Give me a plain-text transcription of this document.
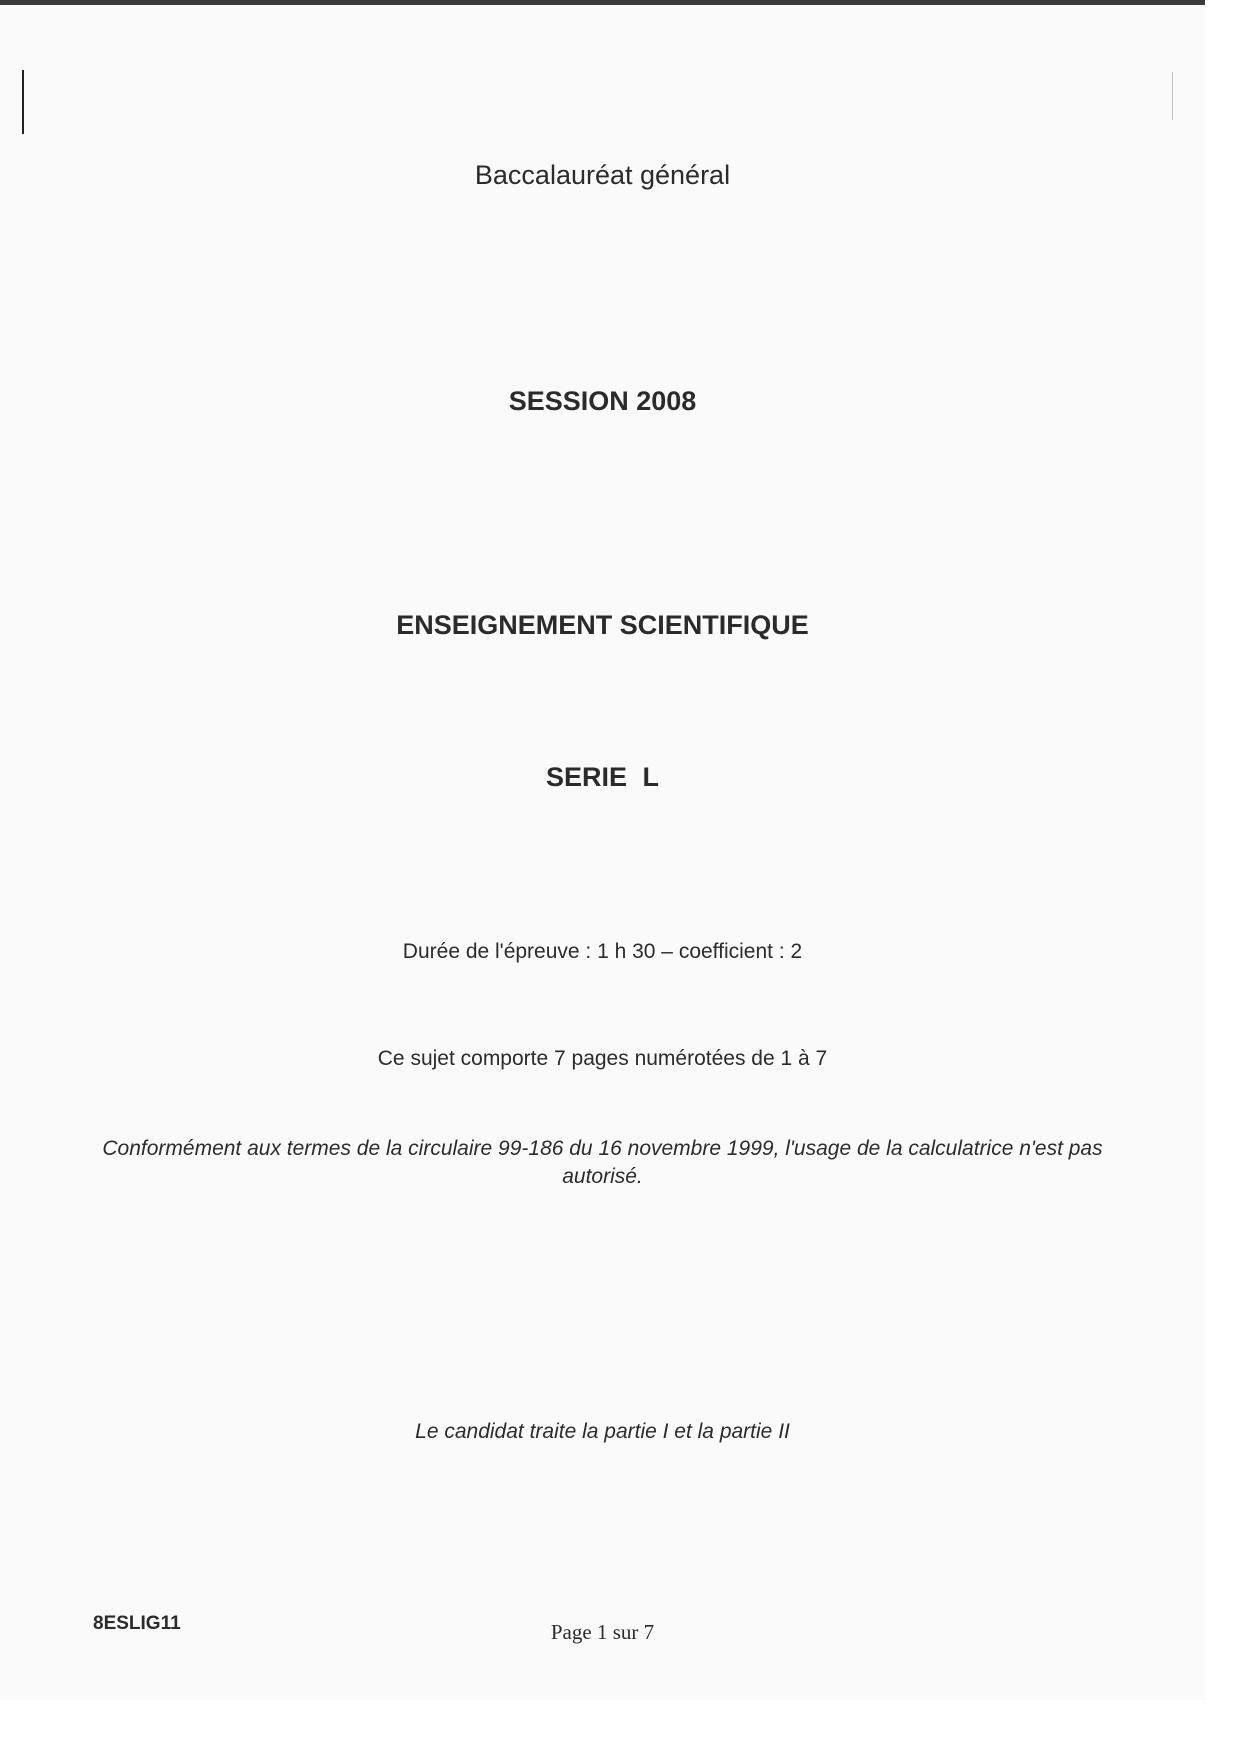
Baccalauréat général
SESSION 2008
ENSEIGNEMENT SCIENTIFIQUE
SERIE L
Durée de l'épreuve : 1 h 30 – coefficient : 2
Ce sujet comporte 7 pages numérotées de 1 à 7
Conformément aux termes de la circulaire 99-186 du 16 novembre 1999, l'usage de la calculatrice n'est pas autorisé.
Le candidat traite la partie I et la partie II
8ESLIG11	Page 1 sur 7
